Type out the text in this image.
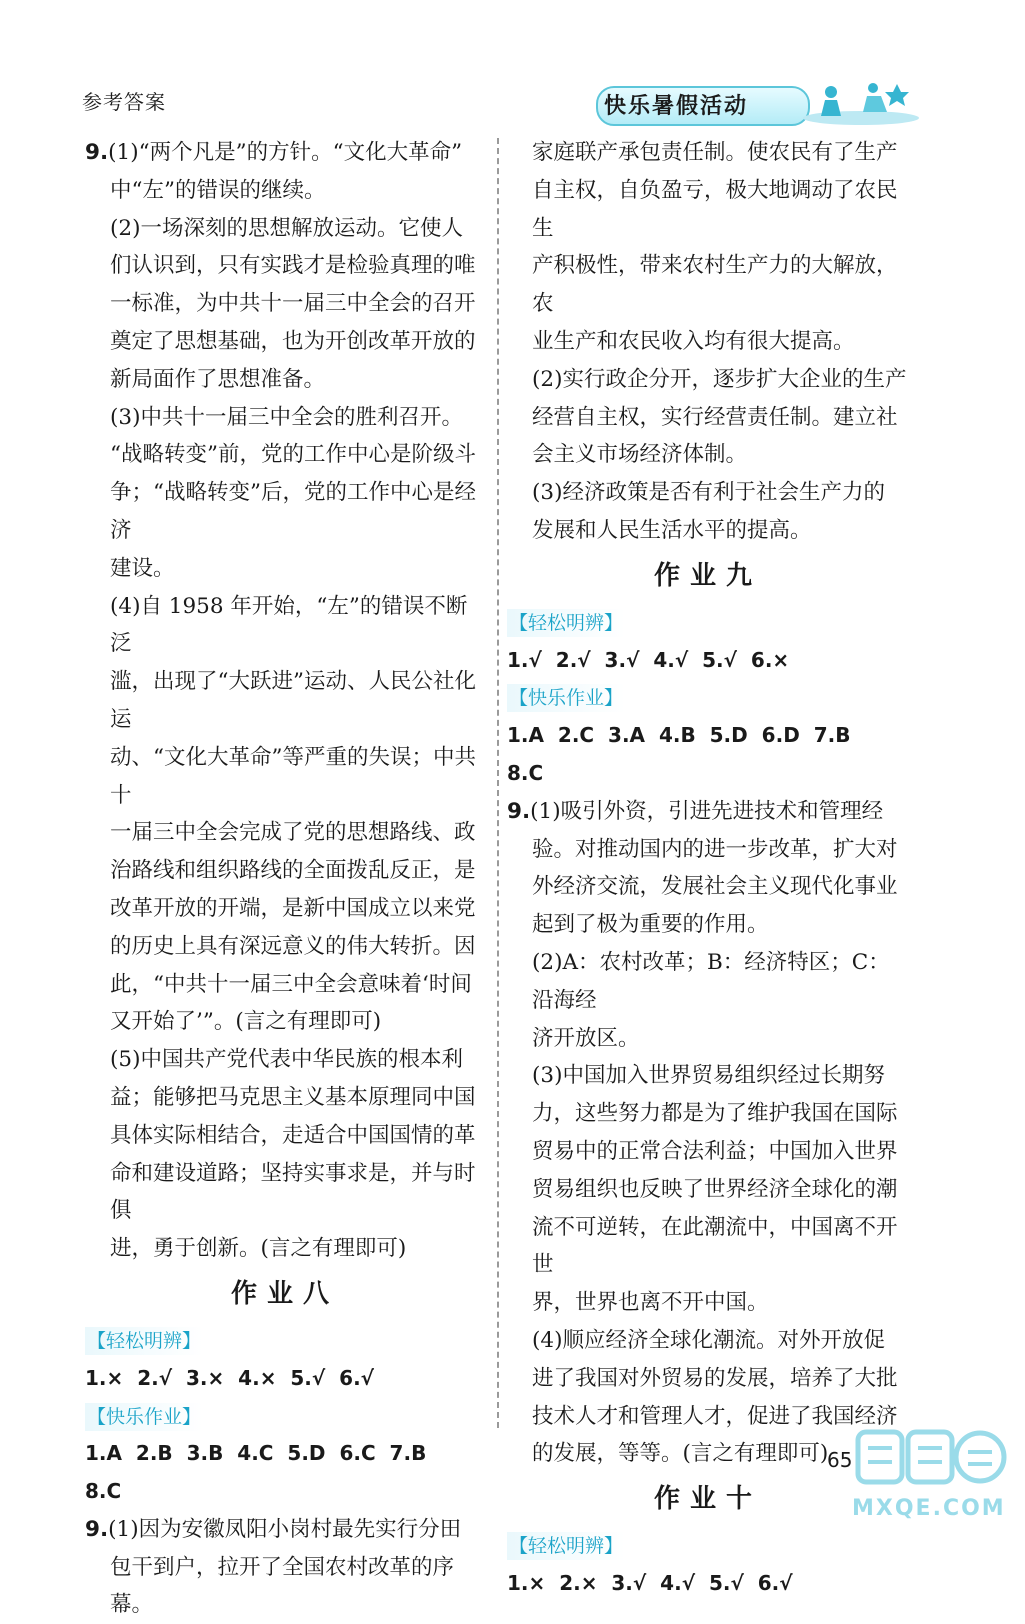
参考答案	快乐暑假活动
9.(1)“两个凡是”的方针。“文化大革命”
中“左”的错误的继续。
(2)一场深刻的思想解放运动。它使人
们认识到，只有实践才是检验真理的唯
一标准，为中共十一届三中全会的召开
奠定了思想基础，也为开创改革开放的
新局面作了思想准备。
(3)中共十一届三中全会的胜利召开。
“战略转变”前，党的工作中心是阶级斗
争；“战略转变”后，党的工作中心是经济
建设。
(4)自 1958 年开始，“左”的错误不断泛
滥，出现了“大跃进”运动、人民公社化运
动、“文化大革命”等严重的失误；中共十
一届三中全会完成了党的思想路线、政
治路线和组织路线的全面拨乱反正，是
改革开放的开端，是新中国成立以来党
的历史上具有深远意义的伟大转折。因
此，“中共十一届三中全会意味着‘时间
又开始了’”。(言之有理即可)
(5)中国共产党代表中华民族的根本利
益；能够把马克思主义基本原理同中国
具体实际相结合，走适合中国国情的革
命和建设道路；坚持实事求是，并与时俱
进，勇于创新。(言之有理即可)
作业八
【轻松明辨】
1.×  2.√  3.×  4.×  5.√  6.√
【快乐作业】
1.A  2.B  3.B  4.C  5.D  6.C  7.B
8.C
9.(1)因为安徽凤阳小岗村最先实行分田
包干到户，拉开了全国农村改革的序幕。
家庭联产承包责任制。使农民有了生产
自主权，自负盈亏，极大地调动了农民生
产积极性，带来农村生产力的大解放，农
业生产和农民收入均有很大提高。
(2)实行政企分开，逐步扩大企业的生产
经营自主权，实行经营责任制。建立社
会主义市场经济体制。
(3)经济政策是否有利于社会生产力的
发展和人民生活水平的提高。
作业九
【轻松明辨】
1.√  2.√  3.√  4.√  5.√  6.×
【快乐作业】
1.A  2.C  3.A  4.B  5.D  6.D  7.B
8.C
9.(1)吸引外资，引进先进技术和管理经
验。对推动国内的进一步改革，扩大对
外经济交流，发展社会主义现代化事业
起到了极为重要的作用。
(2)A：农村改革；B：经济特区；C：沿海经
济开放区。
(3)中国加入世界贸易组织经过长期努
力，这些努力都是为了维护我国在国际
贸易中的正常合法利益；中国加入世界
贸易组织也反映了世界经济全球化的潮
流不可逆转，在此潮流中，中国离不开世
界，世界也离不开中国。
(4)顺应经济全球化潮流。对外开放促
进了我国对外贸易的发展，培养了大批
技术人才和管理人才，促进了我国经济
的发展，等等。(言之有理即可)
作业十
【轻松明辨】
1.×  2.×  3.√  4.√  5.√  6.√
65
MXQE.COM
